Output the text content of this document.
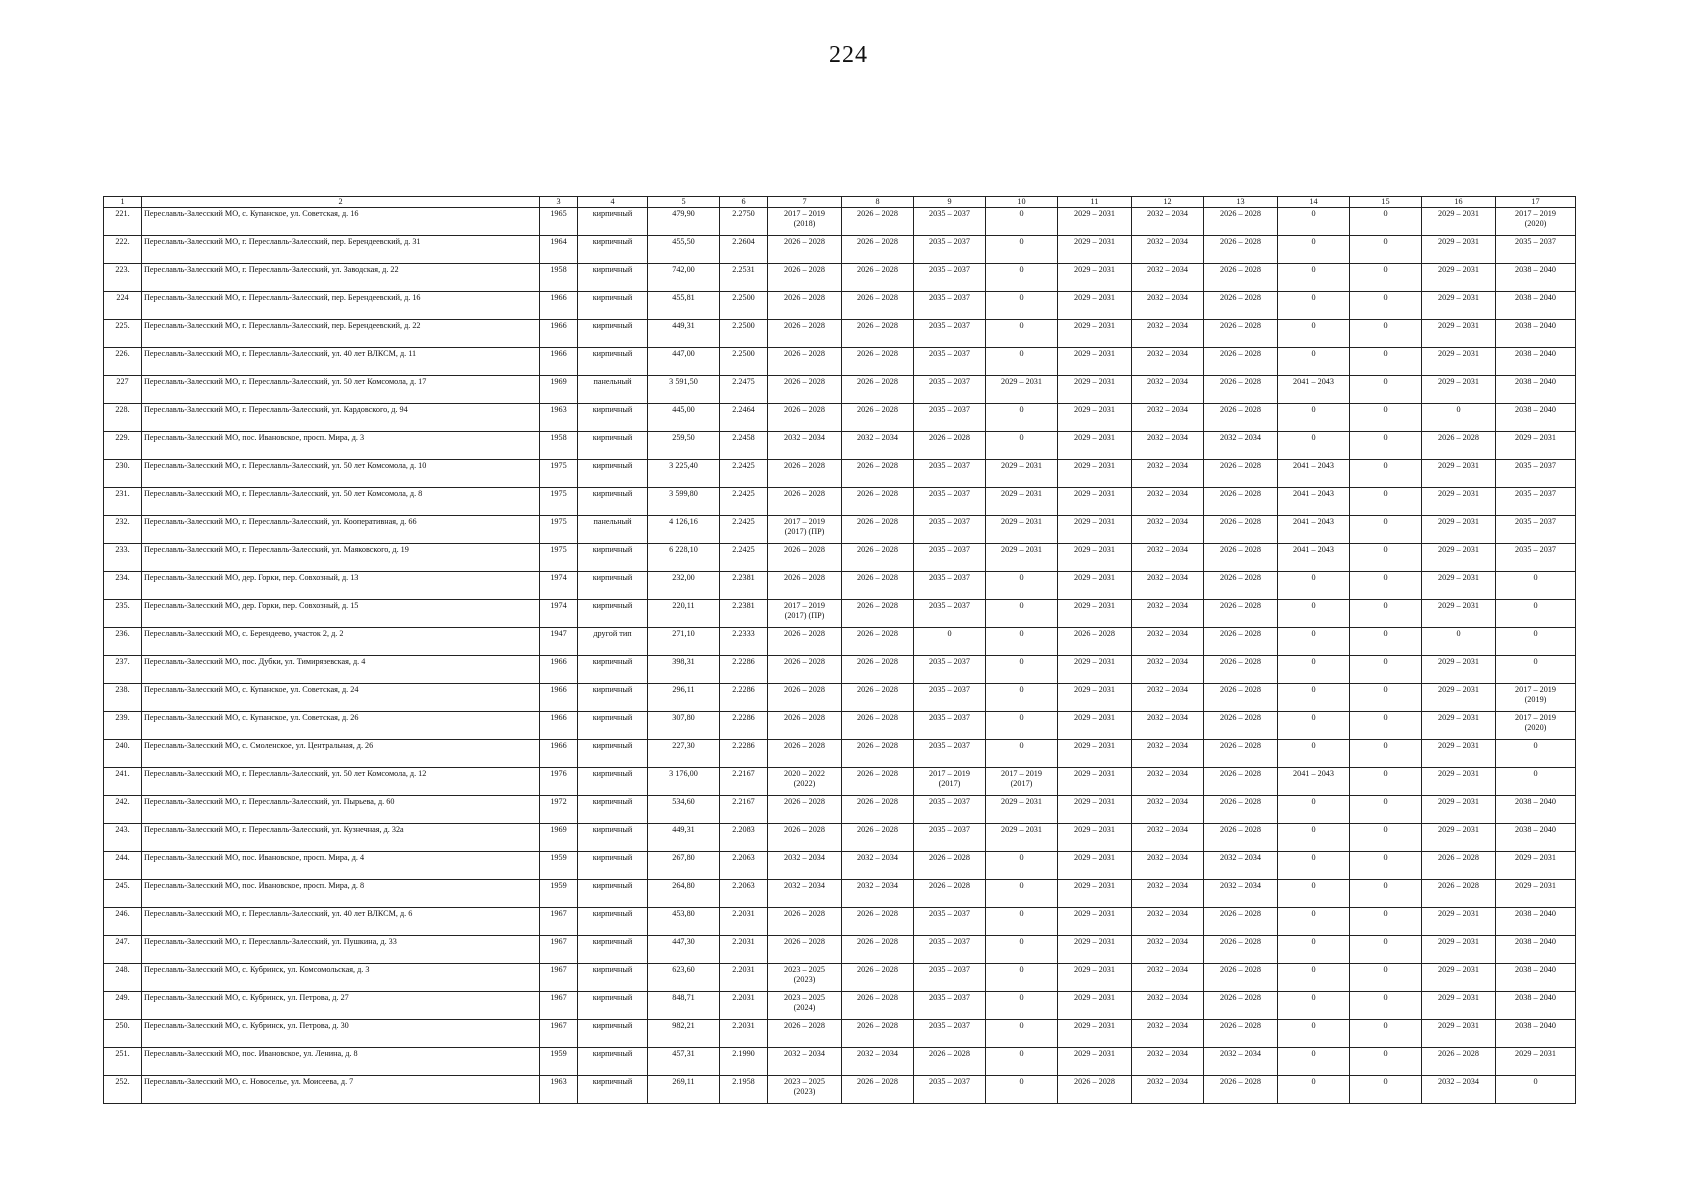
224
1	2	3	4	5	6	7	8	9	10	11	12	13	14	15	16	17
221.	Переславль-Залесский МО, с. Купанское, ул. Советская, д. 16	1965	кирпичный	479,90	2.2750	2017 – 2019
(2018)	2026 – 2028	2035 – 2037	0	2029 – 2031	2032 – 2034	2026 – 2028	0	0	2029 – 2031	2017 – 2019
(2020)
222.	Переславль-Залесский МО, г. Переславль-Залесский, пер. Берендеевский, д. 31	1964	кирпичный	455,50	2.2604	2026 – 2028	2026 – 2028	2035 – 2037	0	2029 – 2031	2032 – 2034	2026 – 2028	0	0	2029 – 2031	2035 – 2037
223.	Переславль-Залесский МО, г. Переславль-Залесский, ул. Заводская, д. 22	1958	кирпичный	742,00	2.2531	2026 – 2028	2026 – 2028	2035 – 2037	0	2029 – 2031	2032 – 2034	2026 – 2028	0	0	2029 – 2031	2038 – 2040
224	Переславль-Залесский МО, г. Переславль-Залесский, пер. Берендеевский, д. 16	1966	кирпичный	455,81	2.2500	2026 – 2028	2026 – 2028	2035 – 2037	0	2029 – 2031	2032 – 2034	2026 – 2028	0	0	2029 – 2031	2038 – 2040
225.	Переславль-Залесский МО, г. Переславль-Залесский, пер. Берендеевский, д. 22	1966	кирпичный	449,31	2.2500	2026 – 2028	2026 – 2028	2035 – 2037	0	2029 – 2031	2032 – 2034	2026 – 2028	0	0	2029 – 2031	2038 – 2040
226.	Переславль-Залесский МО, г. Переславль-Залесский, ул. 40 лет ВЛКСМ, д. 11	1966	кирпичный	447,00	2.2500	2026 – 2028	2026 – 2028	2035 – 2037	0	2029 – 2031	2032 – 2034	2026 – 2028	0	0	2029 – 2031	2038 – 2040
227	Переславль-Залесский МО, г. Переславль-Залесский, ул. 50 лет Комсомола, д. 17	1969	панельный	3 591,50	2.2475	2026 – 2028	2026 – 2028	2035 – 2037	2029 – 2031	2029 – 2031	2032 – 2034	2026 – 2028	2041 – 2043	0	2029 – 2031	2038 – 2040
228.	Переславль-Залесский МО, г. Переславль-Залесский, ул. Кардовского, д. 94	1963	кирпичный	445,00	2.2464	2026 – 2028	2026 – 2028	2035 – 2037	0	2029 – 2031	2032 – 2034	2026 – 2028	0	0	0	2038 – 2040
229.	Переславль-Залесский МО, пос. Ивановское, просп. Мира, д. 3	1958	кирпичный	259,50	2.2458	2032 – 2034	2032 – 2034	2026 – 2028	0	2029 – 2031	2032 – 2034	2032 – 2034	0	0	2026 – 2028	2029 – 2031
230.	Переславль-Залесский МО, г. Переславль-Залесский, ул. 50 лет Комсомола, д. 10	1975	кирпичный	3 225,40	2.2425	2026 – 2028	2026 – 2028	2035 – 2037	2029 – 2031	2029 – 2031	2032 – 2034	2026 – 2028	2041 – 2043	0	2029 – 2031	2035 – 2037
231.	Переславль-Залесский МО, г. Переславль-Залесский, ул. 50 лет Комсомола, д. 8	1975	кирпичный	3 599,80	2.2425	2026 – 2028	2026 – 2028	2035 – 2037	2029 – 2031	2029 – 2031	2032 – 2034	2026 – 2028	2041 – 2043	0	2029 – 2031	2035 – 2037
232.	Переславль-Залесский МО, г. Переславль-Залесский, ул. Кооперативная, д. 66	1975	панельный	4 126,16	2.2425	2017 – 2019
(2017) (ПР)	2026 – 2028	2035 – 2037	2029 – 2031	2029 – 2031	2032 – 2034	2026 – 2028	2041 – 2043	0	2029 – 2031	2035 – 2037
233.	Переславль-Залесский МО, г. Переславль-Залесский, ул. Маяковского, д. 19	1975	кирпичный	6 228,10	2.2425	2026 – 2028	2026 – 2028	2035 – 2037	2029 – 2031	2029 – 2031	2032 – 2034	2026 – 2028	2041 – 2043	0	2029 – 2031	2035 – 2037
234.	Переславль-Залесский МО, дер. Горки, пер. Совхозный, д. 13	1974	кирпичный	232,00	2.2381	2026 – 2028	2026 – 2028	2035 – 2037	0	2029 – 2031	2032 – 2034	2026 – 2028	0	0	2029 – 2031	0
235.	Переславль-Залесский МО, дер. Горки, пер. Совхозный, д. 15	1974	кирпичный	220,11	2.2381	2017 – 2019
(2017) (ПР)	2026 – 2028	2035 – 2037	0	2029 – 2031	2032 – 2034	2026 – 2028	0	0	2029 – 2031	0
236.	Переславль-Залесский МО, с. Берендеево, участок 2, д. 2	1947	другой тип	271,10	2.2333	2026 – 2028	2026 – 2028	0	0	2026 – 2028	2032 – 2034	2026 – 2028	0	0	0	0
237.	Переславль-Залесский МО, пос. Дубки, ул. Тимирязевская, д. 4	1966	кирпичный	398,31	2.2286	2026 – 2028	2026 – 2028	2035 – 2037	0	2029 – 2031	2032 – 2034	2026 – 2028	0	0	2029 – 2031	0
238.	Переславль-Залесский МО, с. Купанское, ул. Советская, д. 24	1966	кирпичный	296,11	2.2286	2026 – 2028	2026 – 2028	2035 – 2037	0	2029 – 2031	2032 – 2034	2026 – 2028	0	0	2029 – 2031	2017 – 2019
(2019)
239.	Переславль-Залесский МО, с. Купанское, ул. Советская, д. 26	1966	кирпичный	307,80	2.2286	2026 – 2028	2026 – 2028	2035 – 2037	0	2029 – 2031	2032 – 2034	2026 – 2028	0	0	2029 – 2031	2017 – 2019
(2020)
240.	Переславль-Залесский МО, с. Смоленское, ул. Центральная, д. 26	1966	кирпичный	227,30	2.2286	2026 – 2028	2026 – 2028	2035 – 2037	0	2029 – 2031	2032 – 2034	2026 – 2028	0	0	2029 – 2031	0
241.	Переславль-Залесский МО, г. Переславль-Залесский, ул. 50 лет Комсомола, д. 12	1976	кирпичный	3 176,00	2.2167	2020 – 2022
(2022)	2026 – 2028	2017 – 2019
(2017)	2017 – 2019
(2017)	2029 – 2031	2032 – 2034	2026 – 2028	2041 – 2043	0	2029 – 2031	0
242.	Переславль-Залесский МО, г. Переславль-Залесский, ул. Пырьева, д. 60	1972	кирпичный	534,60	2.2167	2026 – 2028	2026 – 2028	2035 – 2037	2029 – 2031	2029 – 2031	2032 – 2034	2026 – 2028	0	0	2029 – 2031	2038 – 2040
243.	Переславль-Залесский МО, г. Переславль-Залесский, ул. Кузнечная, д. 32а	1969	кирпичный	449,31	2.2083	2026 – 2028	2026 – 2028	2035 – 2037	2029 – 2031	2029 – 2031	2032 – 2034	2026 – 2028	0	0	2029 – 2031	2038 – 2040
244.	Переславль-Залесский МО, пос. Ивановское, просп. Мира, д. 4	1959	кирпичный	267,80	2.2063	2032 – 2034	2032 – 2034	2026 – 2028	0	2029 – 2031	2032 – 2034	2032 – 2034	0	0	2026 – 2028	2029 – 2031
245.	Переславль-Залесский МО, пос. Ивановское, просп. Мира, д. 8	1959	кирпичный	264,80	2.2063	2032 – 2034	2032 – 2034	2026 – 2028	0	2029 – 2031	2032 – 2034	2032 – 2034	0	0	2026 – 2028	2029 – 2031
246.	Переславль-Залесский МО, г. Переславль-Залесский, ул. 40 лет ВЛКСМ, д. 6	1967	кирпичный	453,80	2.2031	2026 – 2028	2026 – 2028	2035 – 2037	0	2029 – 2031	2032 – 2034	2026 – 2028	0	0	2029 – 2031	2038 – 2040
247.	Переславль-Залесский МО, г. Переславль-Залесский, ул. Пушкина, д. 33	1967	кирпичный	447,30	2.2031	2026 – 2028	2026 – 2028	2035 – 2037	0	2029 – 2031	2032 – 2034	2026 – 2028	0	0	2029 – 2031	2038 – 2040
248.	Переславль-Залесский МО, с. Кубринск, ул. Комсомольская, д. 3	1967	кирпичный	623,60	2.2031	2023 – 2025
(2023)	2026 – 2028	2035 – 2037	0	2029 – 2031	2032 – 2034	2026 – 2028	0	0	2029 – 2031	2038 – 2040
249.	Переславль-Залесский МО, с. Кубринск, ул. Петрова, д. 27	1967	кирпичный	848,71	2.2031	2023 – 2025
(2024)	2026 – 2028	2035 – 2037	0	2029 – 2031	2032 – 2034	2026 – 2028	0	0	2029 – 2031	2038 – 2040
250.	Переславль-Залесский МО, с. Кубринск, ул. Петрова, д. 30	1967	кирпичный	982,21	2.2031	2026 – 2028	2026 – 2028	2035 – 2037	0	2029 – 2031	2032 – 2034	2026 – 2028	0	0	2029 – 2031	2038 – 2040
251.	Переславль-Залесский МО, пос. Ивановское, ул. Ленина, д. 8	1959	кирпичный	457,31	2.1990	2032 – 2034	2032 – 2034	2026 – 2028	0	2029 – 2031	2032 – 2034	2032 – 2034	0	0	2026 – 2028	2029 – 2031
252.	Переславль-Залесский МО, с. Новоселье, ул. Моисеева, д. 7	1963	кирпичный	269,11	2.1958	2023 – 2025
(2023)	2026 – 2028	2035 – 2037	0	2026 – 2028	2032 – 2034	2026 – 2028	0	0	2032 – 2034	0
